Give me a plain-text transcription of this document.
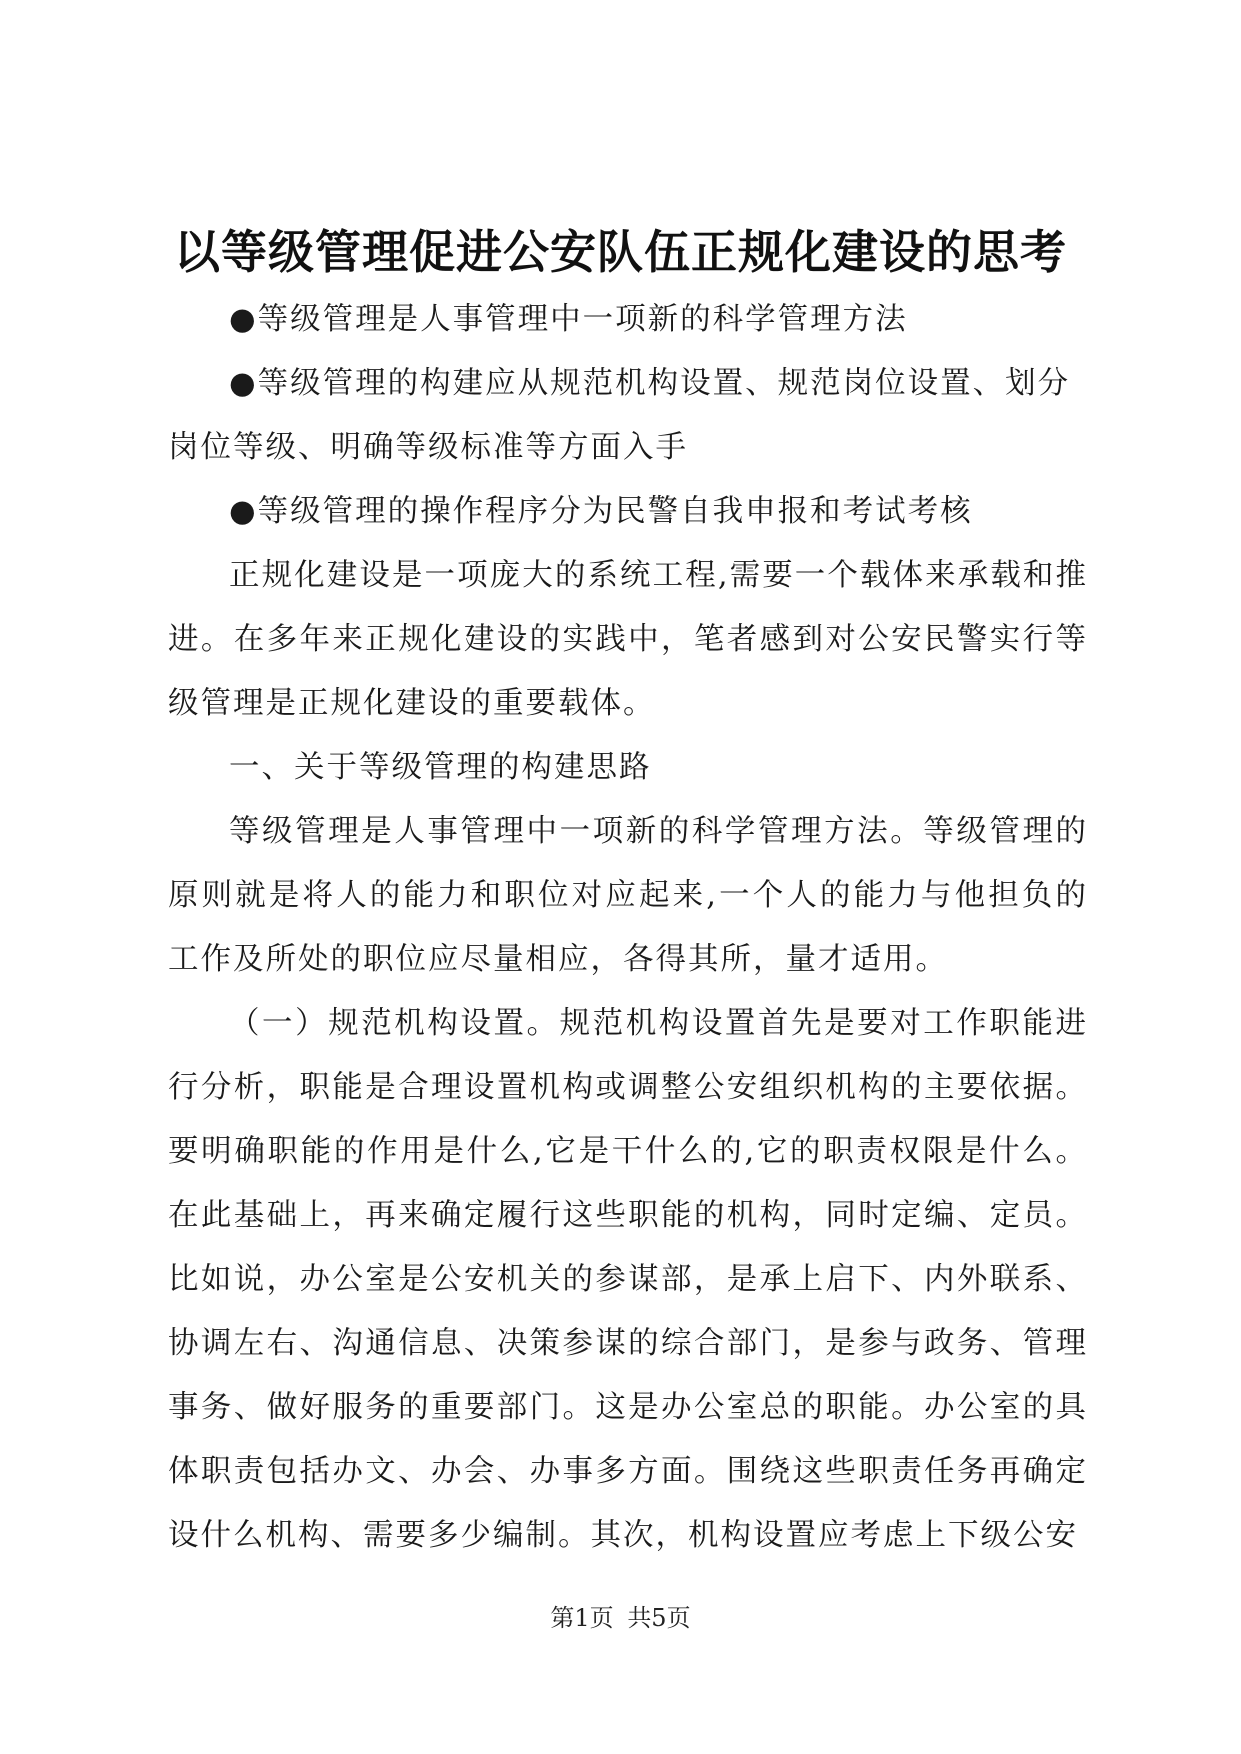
以等级管理促进公安队伍正规化建设的思考

●等级管理是人事管理中一项新的科学管理方法

●等级管理的构建应从规范机构设置、规范岗位设置、划分岗位等级、明确等级标准等方面入手

●等级管理的操作程序分为民警自我申报和考试考核

正规化建设是一项庞大的系统工程,需要一个载体来承载和推进。在多年来正规化建设的实践中，笔者感到对公安民警实行等级管理是正规化建设的重要载体。

一、关于等级管理的构建思路

等级管理是人事管理中一项新的科学管理方法。等级管理的原则就是将人的能力和职位对应起来,一个人的能力与他担负的工作及所处的职位应尽量相应，各得其所，量才适用。

（一）规范机构设置。规范机构设置首先是要对工作职能进行分析，职能是合理设置机构或调整公安组织机构的主要依据。要明确职能的作用是什么,它是干什么的,它的职责权限是什么。在此基础上，再来确定履行这些职能的机构，同时定编、定员。比如说，办公室是公安机关的参谋部，是承上启下、内外联系、协调左右、沟通信息、决策参谋的综合部门，是参与政务、管理事务、做好服务的重要部门。这是办公室总的职能。办公室的具体职责包括办文、办会、办事多方面。围绕这些职责任务再确定设什么机构、需要多少编制。其次，机构设置应考虑上下级公安

第1页 共5页
